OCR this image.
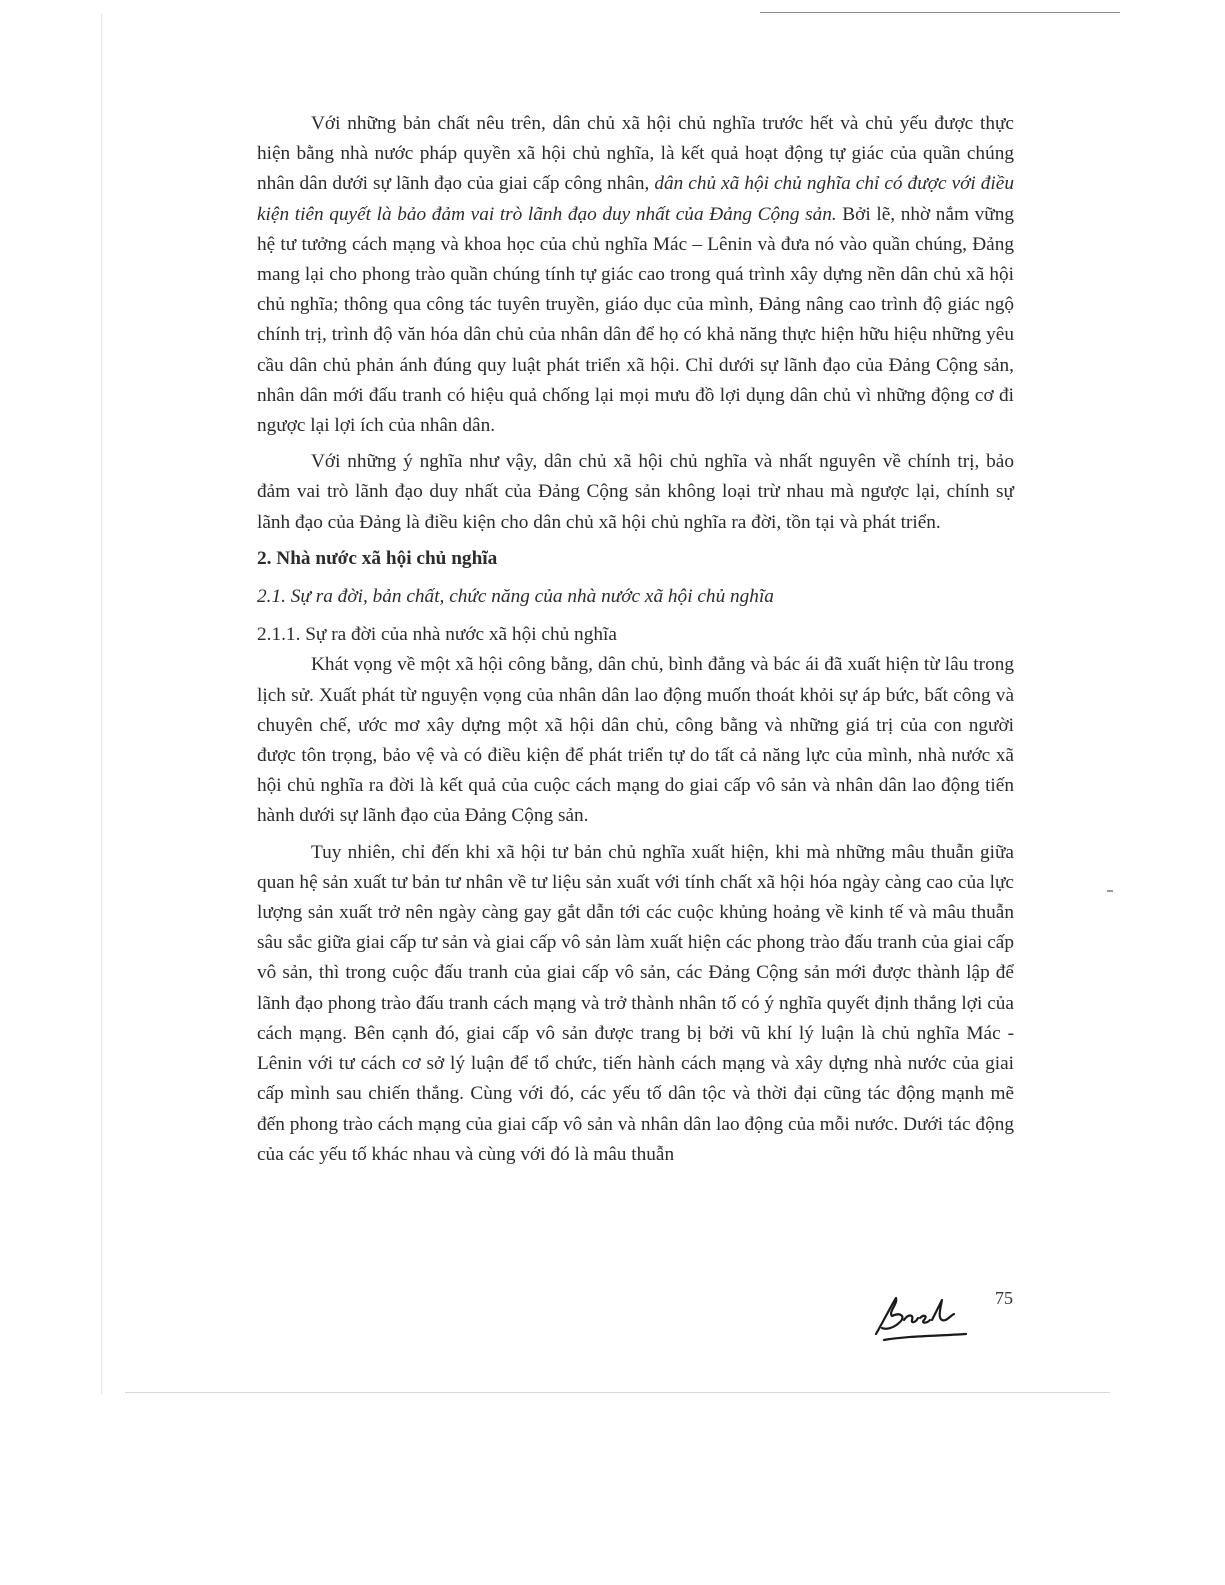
Với những bản chất nêu trên, dân chủ xã hội chủ nghĩa trước hết và chủ yếu được thực hiện bằng nhà nước pháp quyền xã hội chủ nghĩa, là kết quả hoạt động tự giác của quần chúng nhân dân dưới sự lãnh đạo của giai cấp công nhân, dân chủ xã hội chủ nghĩa chỉ có được với điều kiện tiên quyết là bảo đảm vai trò lãnh đạo duy nhất của Đảng Cộng sản. Bởi lẽ, nhờ nắm vững hệ tư tưởng cách mạng và khoa học của chủ nghĩa Mác – Lênin và đưa nó vào quần chúng, Đảng mang lại cho phong trào quần chúng tính tự giác cao trong quá trình xây dựng nền dân chủ xã hội chủ nghĩa; thông qua công tác tuyên truyền, giáo dục của mình, Đảng nâng cao trình độ giác ngộ chính trị, trình độ văn hóa dân chủ của nhân dân để họ có khả năng thực hiện hữu hiệu những yêu cầu dân chủ phản ánh đúng quy luật phát triển xã hội. Chỉ dưới sự lãnh đạo của Đảng Cộng sản, nhân dân mới đấu tranh có hiệu quả chống lại mọi mưu đồ lợi dụng dân chủ vì những động cơ đi ngược lại lợi ích của nhân dân.

Với những ý nghĩa như vậy, dân chủ xã hội chủ nghĩa và nhất nguyên về chính trị, bảo đảm vai trò lãnh đạo duy nhất của Đảng Cộng sản không loại trừ nhau mà ngược lại, chính sự lãnh đạo của Đảng là điều kiện cho dân chủ xã hội chủ nghĩa ra đời, tồn tại và phát triển.

2. Nhà nước xã hội chủ nghĩa

2.1. Sự ra đời, bản chất, chức năng của nhà nước xã hội chủ nghĩa

2.1.1. Sự ra đời của nhà nước xã hội chủ nghĩa

Khát vọng về một xã hội công bằng, dân chủ, bình đẳng và bác ái đã xuất hiện từ lâu trong lịch sử. Xuất phát từ nguyện vọng của nhân dân lao động muốn thoát khỏi sự áp bức, bất công và chuyên chế, ước mơ xây dựng một xã hội dân chủ, công bằng và những giá trị của con người được tôn trọng, bảo vệ và có điều kiện để phát triển tự do tất cả năng lực của mình, nhà nước xã hội chủ nghĩa ra đời là kết quả của cuộc cách mạng do giai cấp vô sản và nhân dân lao động tiến hành dưới sự lãnh đạo của Đảng Cộng sản.

Tuy nhiên, chỉ đến khi xã hội tư bản chủ nghĩa xuất hiện, khi mà những mâu thuẫn giữa quan hệ sản xuất tư bản tư nhân về tư liệu sản xuất với tính chất xã hội hóa ngày càng cao của lực lượng sản xuất trở nên ngày càng gay gắt dẫn tới các cuộc khủng hoảng về kinh tế và mâu thuẫn sâu sắc giữa giai cấp tư sản và giai cấp vô sản làm xuất hiện các phong trào đấu tranh của giai cấp vô sản, thì trong cuộc đấu tranh của giai cấp vô sản, các Đảng Cộng sản mới được thành lập để lãnh đạo phong trào đấu tranh cách mạng và trở thành nhân tố có ý nghĩa quyết định thắng lợi của cách mạng. Bên cạnh đó, giai cấp vô sản được trang bị bởi vũ khí lý luận là chủ nghĩa Mác - Lênin với tư cách cơ sở lý luận để tổ chức, tiến hành cách mạng và xây dựng nhà nước của giai cấp mình sau chiến thắng. Cùng với đó, các yếu tố dân tộc và thời đại cũng tác động mạnh mẽ đến phong trào cách mạng của giai cấp vô sản và nhân dân lao động của mỗi nước. Dưới tác động của các yếu tố khác nhau và cùng với đó là mâu thuẫn

75
